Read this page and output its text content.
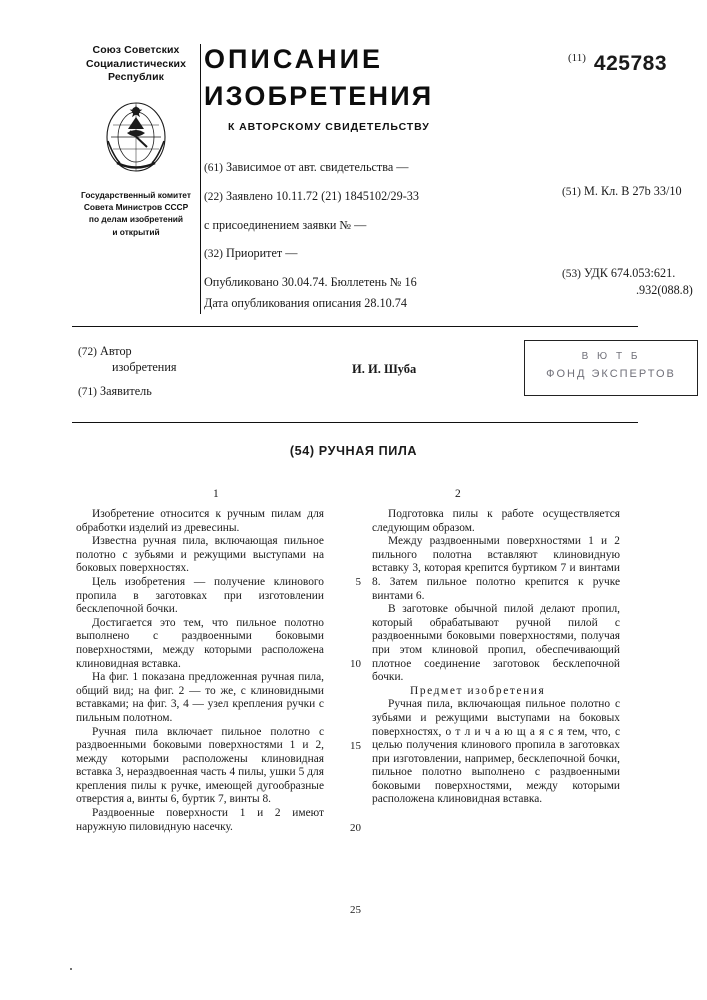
Союз Советских
Социалистических
Республик
Государственный комитет
Совета Министров СССР
по делам изобретений
и открытий
ОПИСАНИЕ
ИЗОБРЕТЕНИЯ
К АВТОРСКОМУ СВИДЕТЕЛЬСТВУ
$^{(11)}$ 425783
(61) Зависимое от авт. свидетельства —
(22) Заявлено 10.11.72 (21) 1845102/29-33
с присоединением заявки № —
(32) Приоритет —
Опубликовано 30.04.74. Бюллетень № 16
(51) М. Кл. B 27b 33/10
(53) УДК 674.053:621.
.932(088.8)
Дата опубликования описания 28.10.74
(72) Автор
изобретения
(71) Заявитель
И. И. Шуба
В Ю Т Б
ФОНД ЭКСПЕРТОВ
(54) РУЧНАЯ ПИЛА
1	2
5
10
15
20
25

Изобретение относится к ручным пилам для обработки изделий из древесины.

Известна ручная пила, включающая пильное полотно с зубьями и режущими выступами на боковых поверхностях.

Цель изобретения — получение клинового пропила в заготовках при изготовлении бесклепочной бочки.

Достигается это тем, что пильное полотно выполнено с раздвоенными боковыми поверхностями, между которыми расположена клиновидная вставка.

На фиг. 1 показана предложенная ручная пила, общий вид; на фиг. 2 — то же, с клиновидными вставками; на фиг. 3, 4 — узел крепления ручки с пильным полотном.

Ручная пила включает пильное полотно с раздвоенными боковыми поверхностями 1 и 2, между которыми расположены клиновидная вставка 3, нераздвоенная часть 4 пилы, ушки 5 для крепления пилы к ручке, имеющей дугообразные отверстия а, винты 6, буртик 7, винты 8.

Раздвоенные поверхности 1 и 2 имеют наружную пиловидную насечку.

Подготовка пилы к работе осуществляется следующим образом.

Между раздвоенными поверхностями 1 и 2 пильного полотна вставляют клиновидную вставку 3, которая крепится буртиком 7 и винтами 8. Затем пильное полотно крепится к ручке винтами 6.

В заготовке обычной пилой делают пропил, который обрабатывают ручной пилой с раздвоенными боковыми поверхностями, получая при этом клиновой пропил, обеспечивающий плотное соединение заготовок бесклепочной бочки.

Предмет изобретения

Ручная пила, включающая пильное полотно с зубьями и режущими выступами на боковых поверхностях, о т л и ч а ю щ а я с я тем, что, с целью получения клинового пропила в заготовках при изготовлении, например, бесклепочной бочки, пильное полотно выполнено с раздвоенными боковыми поверхностями, между которыми расположена клиновидная вставка.
